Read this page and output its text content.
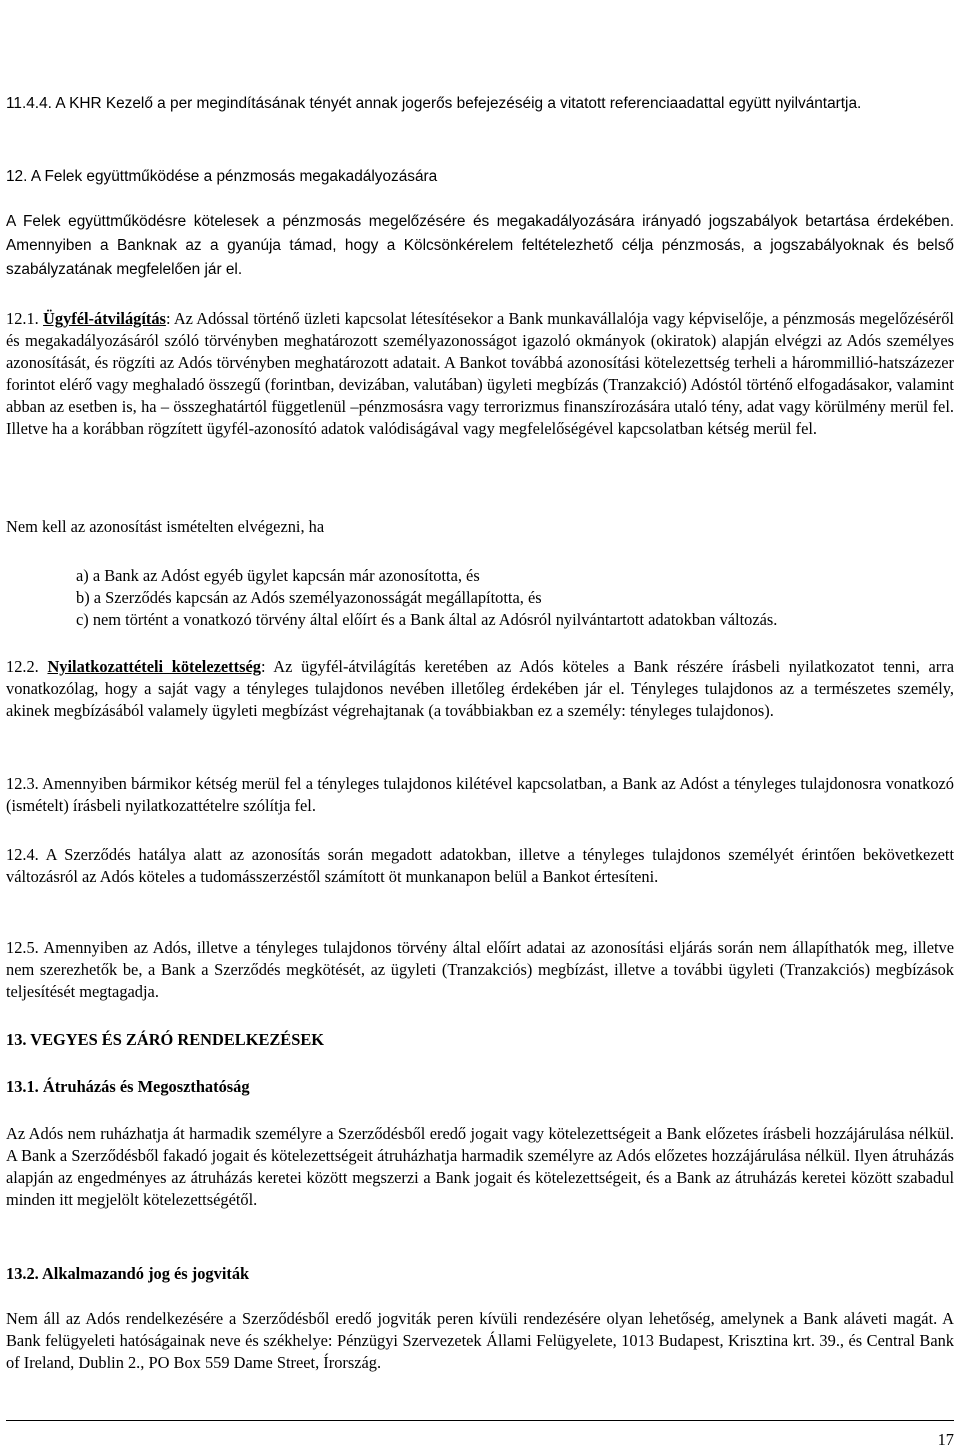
11.4.4. A KHR Kezelő a per megindításának tényét annak jogerős befejezéséig a vitatott referenciaadattal együtt nyilvántartja.

12. A Felek együttműködése a pénzmosás megakadályozására

A Felek együttműködésre kötelesek a pénzmosás megelőzésére és megakadályozására irányadó jogszabályok betartása érdekében. Amennyiben a Banknak az a gyanúja támad, hogy a Kölcsönkérelem feltételezhető célja pénzmosás, a jogszabályoknak és belső szabályzatának megfelelően jár el.

12.1. Ügyfél-átvilágítás: Az Adóssal történő üzleti kapcsolat létesítésekor a Bank munkavállalója vagy képviselője, a pénzmosás megelőzéséről és megakadályozásáról szóló törvényben meghatározott személyazonosságot igazoló okmányok (okiratok) alapján elvégzi az Adós személyes azonosítását, és rögzíti az Adós törvényben meghatározott adatait. A Bankot továbbá azonosítási kötelezettség terheli a hárommillió-hatszázezer forintot elérő vagy meghaladó összegű (forintban, devizában, valutában) ügyleti megbízás (Tranzakció) Adóstól történő elfogadásakor, valamint abban az esetben is, ha – összeghatártól függetlenül –pénzmosásra vagy terrorizmus finanszírozására utaló tény, adat vagy körülmény merül fel. Illetve ha a korábban rögzített ügyfél-azonosító adatok valódiságával vagy megfelelőségével kapcsolatban kétség merül fel.

Nem kell az azonosítást ismételten elvégezni, ha

a) a Bank az Adóst egyéb ügylet kapcsán már azonosította, és

b) a Szerződés kapcsán az Adós személyazonosságát megállapította, és

c) nem történt a vonatkozó törvény által előírt és a Bank által az Adósról nyilvántartott adatokban változás.

12.2. Nyilatkozattételi kötelezettség: Az ügyfél-átvilágítás keretében az Adós köteles a Bank részére írásbeli nyilatkozatot tenni, arra vonatkozólag, hogy a saját vagy a tényleges tulajdonos nevében illetőleg érdekében jár el. Tényleges tulajdonos az a természetes személy, akinek megbízásából valamely ügyleti megbízást végrehajtanak (a továbbiakban ez a személy: tényleges tulajdonos).

12.3. Amennyiben bármikor kétség merül fel a tényleges tulajdonos kilétével kapcsolatban, a Bank az Adóst a tényleges tulajdonosra vonatkozó (ismételt) írásbeli nyilatkozattételre szólítja fel.

12.4. A Szerződés hatálya alatt az azonosítás során megadott adatokban, illetve a tényleges tulajdonos személyét érintően bekövetkezett változásról az Adós köteles a tudomásszerzéstől számított öt munkanapon belül a Bankot értesíteni.

12.5. Amennyiben az Adós, illetve a tényleges tulajdonos törvény által előírt adatai az azonosítási eljárás során nem állapíthatók meg, illetve nem szerezhetők be, a Bank a Szerződés megkötését, az ügyleti (Tranzakciós) megbízást, illetve a további ügyleti (Tranzakciós) megbízások teljesítését megtagadja.

13. VEGYES ÉS ZÁRÓ RENDELKEZÉSEK

13.1. Átruházás és Megoszthatóság

Az Adós nem ruházhatja át harmadik személyre a Szerződésből eredő jogait vagy kötelezettségeit a Bank előzetes írásbeli hozzájárulása nélkül. A Bank a Szerződésből fakadó jogait és kötelezettségeit átruházhatja harmadik személyre az Adós előzetes hozzájárulása nélkül. Ilyen átruházás alapján az engedményes az átruházás keretei között megszerzi a Bank jogait és kötelezettségeit, és a Bank az átruházás keretei között szabadul minden itt megjelölt kötelezettségétől.

13.2. Alkalmazandó jog és jogviták

Nem áll az Adós rendelkezésére a Szerződésből eredő jogviták peren kívüli rendezésére olyan lehetőség, amelynek a Bank aláveti magát. A Bank felügyeleti hatóságainak neve és székhelye: Pénzügyi Szervezetek Állami Felügyelete, 1013 Budapest, Krisztina krt. 39., és Central Bank of Ireland, Dublin 2., PO Box 559 Dame Street, Írország.

17
